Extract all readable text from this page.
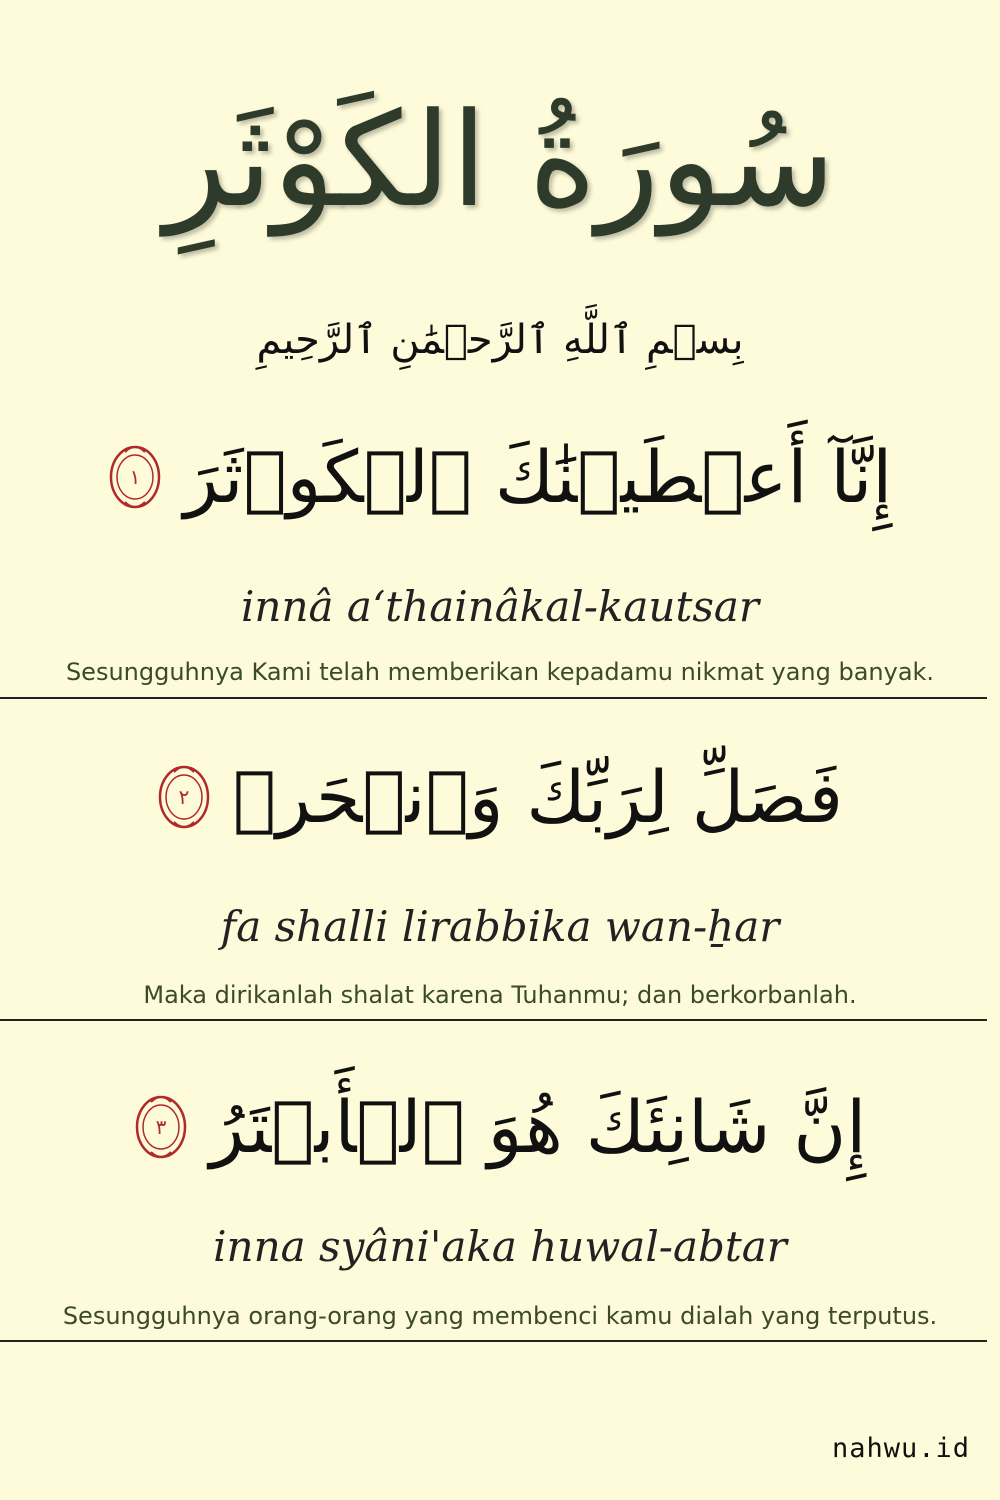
سُورَةُ الكَوْثَرِ
بِسۡمِ ٱللَّهِ ٱلرَّحۡمَٰنِ ٱلرَّحِيمِ
إِنَّآ أَعۡطَيۡنَٰكَ ٱلۡكَوۡثَرَ
١
innâ a‘thainâkal-kautsar
Sesungguhnya Kami telah memberikan kepadamu nikmat yang banyak.
فَصَلِّ لِرَبِّكَ وَٱنۡحَرۡ
٢
fa shalli lirabbika wan-ẖar
Maka dirikanlah shalat karena Tuhanmu; dan berkorbanlah.
إِنَّ شَانِئَكَ هُوَ ٱلۡأَبۡتَرُ
٣
inna syâni'aka huwal-abtar
Sesungguhnya orang-orang yang membenci kamu dialah yang terputus.
nahwu.id
